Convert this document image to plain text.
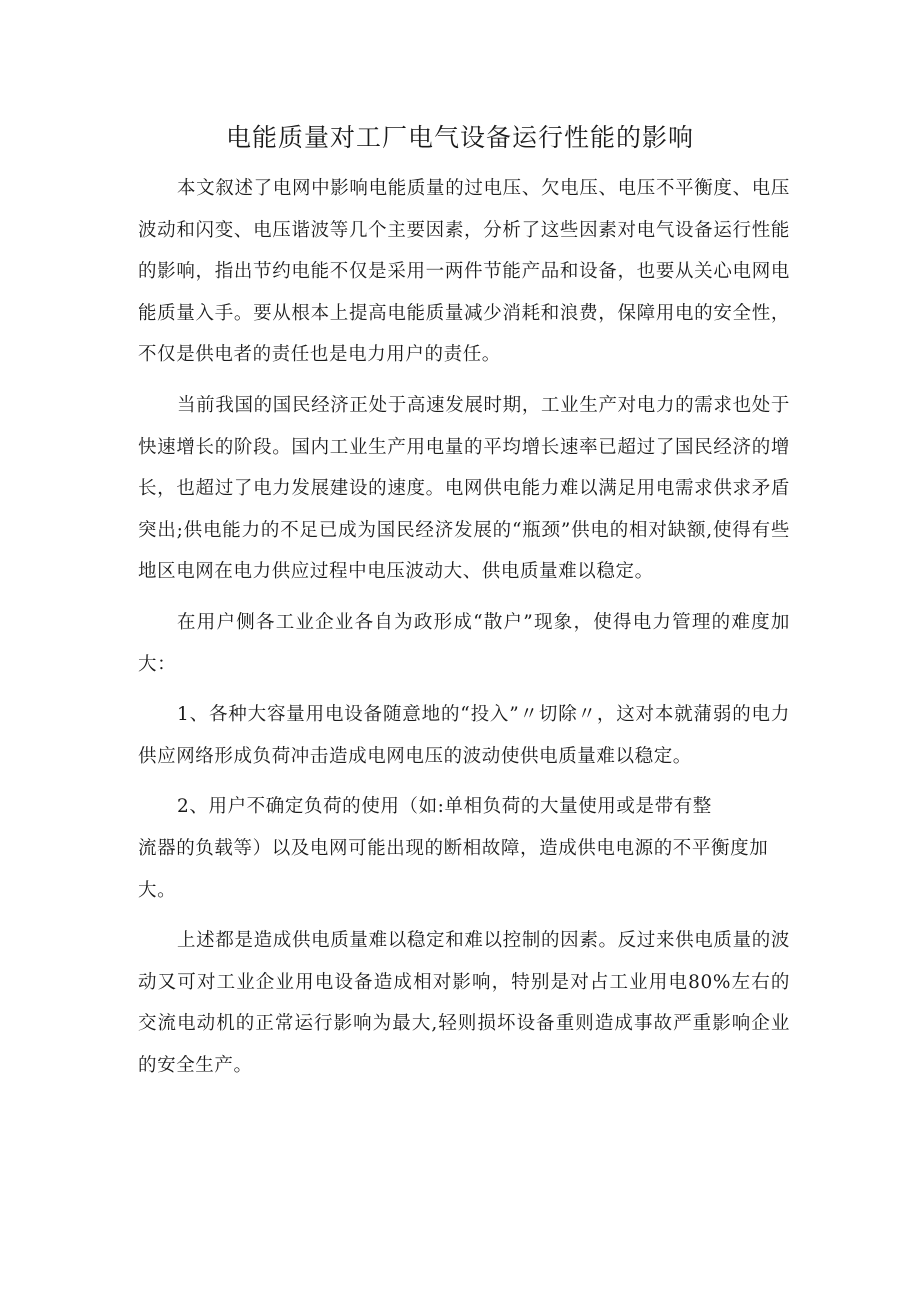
电能质量对工厂电气设备运行性能的影响

本文叙述了电网中影响电能质量的过电压、欠电压、电压不平衡度、电压波动和闪变、电压谐波等几个主要因素，分析了这些因素对电气设备运行性能的影响，指出节约电能不仅是采用一两件节能产品和设备，也要从关心电网电能质量入手。要从根本上提高电能质量减少消耗和浪费，保障用电的安全性，不仅是供电者的责任也是电力用户的责任。

当前我国的国民经济正处于高速发展时期，工业生产对电力的需求也处于快速增长的阶段。国内工业生产用电量的平均增长速率已超过了国民经济的增长，也超过了电力发展建设的速度。电网供电能力难以满足用电需求供求矛盾突出;供电能力的不足已成为国民经济发展的“瓶颈”供电的相对缺额,使得有些地区电网在电力供应过程中电压波动大、供电质量难以稳定。

在用户侧各工业企业各自为政形成“散户”现象，使得电力管理的难度加大：

1、各种大容量用电设备随意地的“投入”〃切除〃，这对本就蒲弱的电力供应网络形成负荷冲击造成电网电压的波动使供电质量难以稳定。

2、用户不确定负荷的使用（如:单相负荷的大量使用或是带有整
流器的负载等）以及电网可能出现的断相故障，造成供电电源的不平衡度加
大。

上述都是造成供电质量难以稳定和难以控制的因素。反过来供电质量的波动又可对工业企业用电设备造成相对影响，特别是对占工业用电80%左右的交流电动机的正常运行影响为最大,轻则损坏设备重则造成事故严重影响企业的安全生产。
